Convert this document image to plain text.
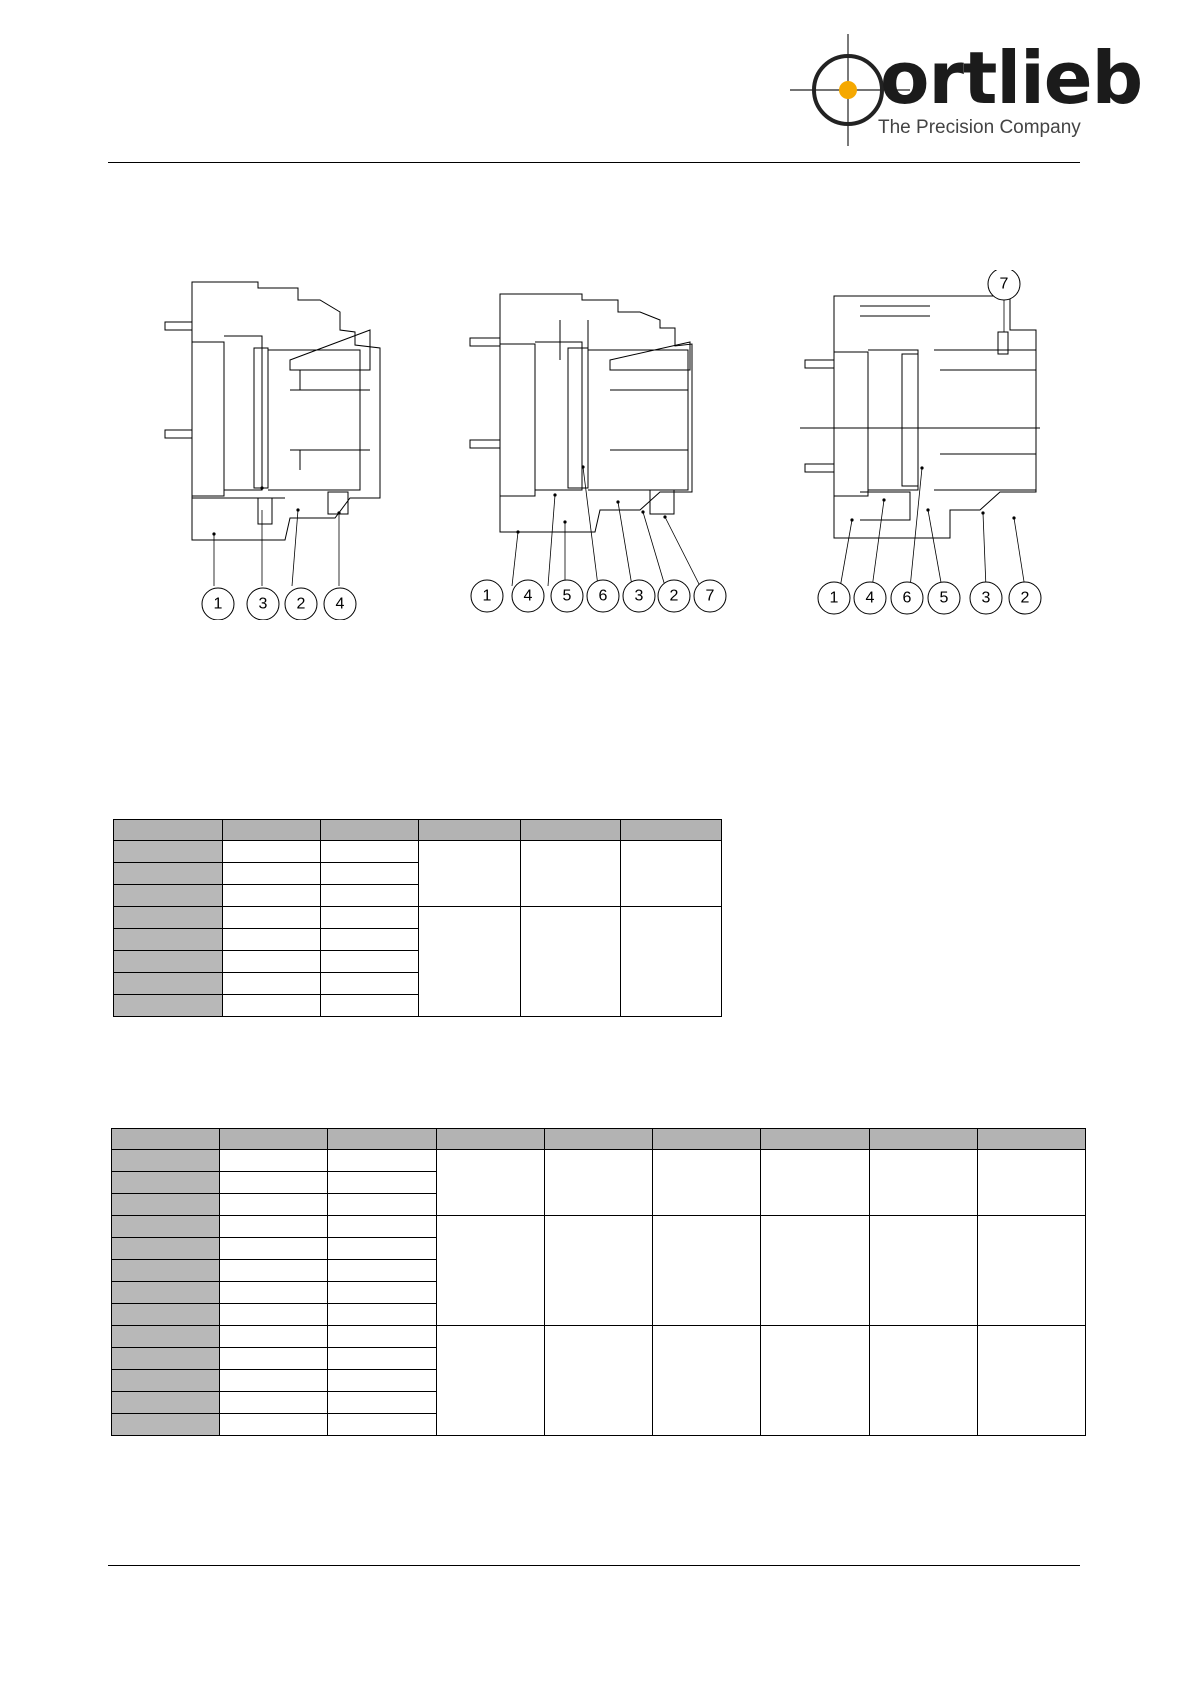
ortlieb
The Precision Company
1 3 2 4	1 4 5 6 3 2 7
7
1 4 6 5 3 2
